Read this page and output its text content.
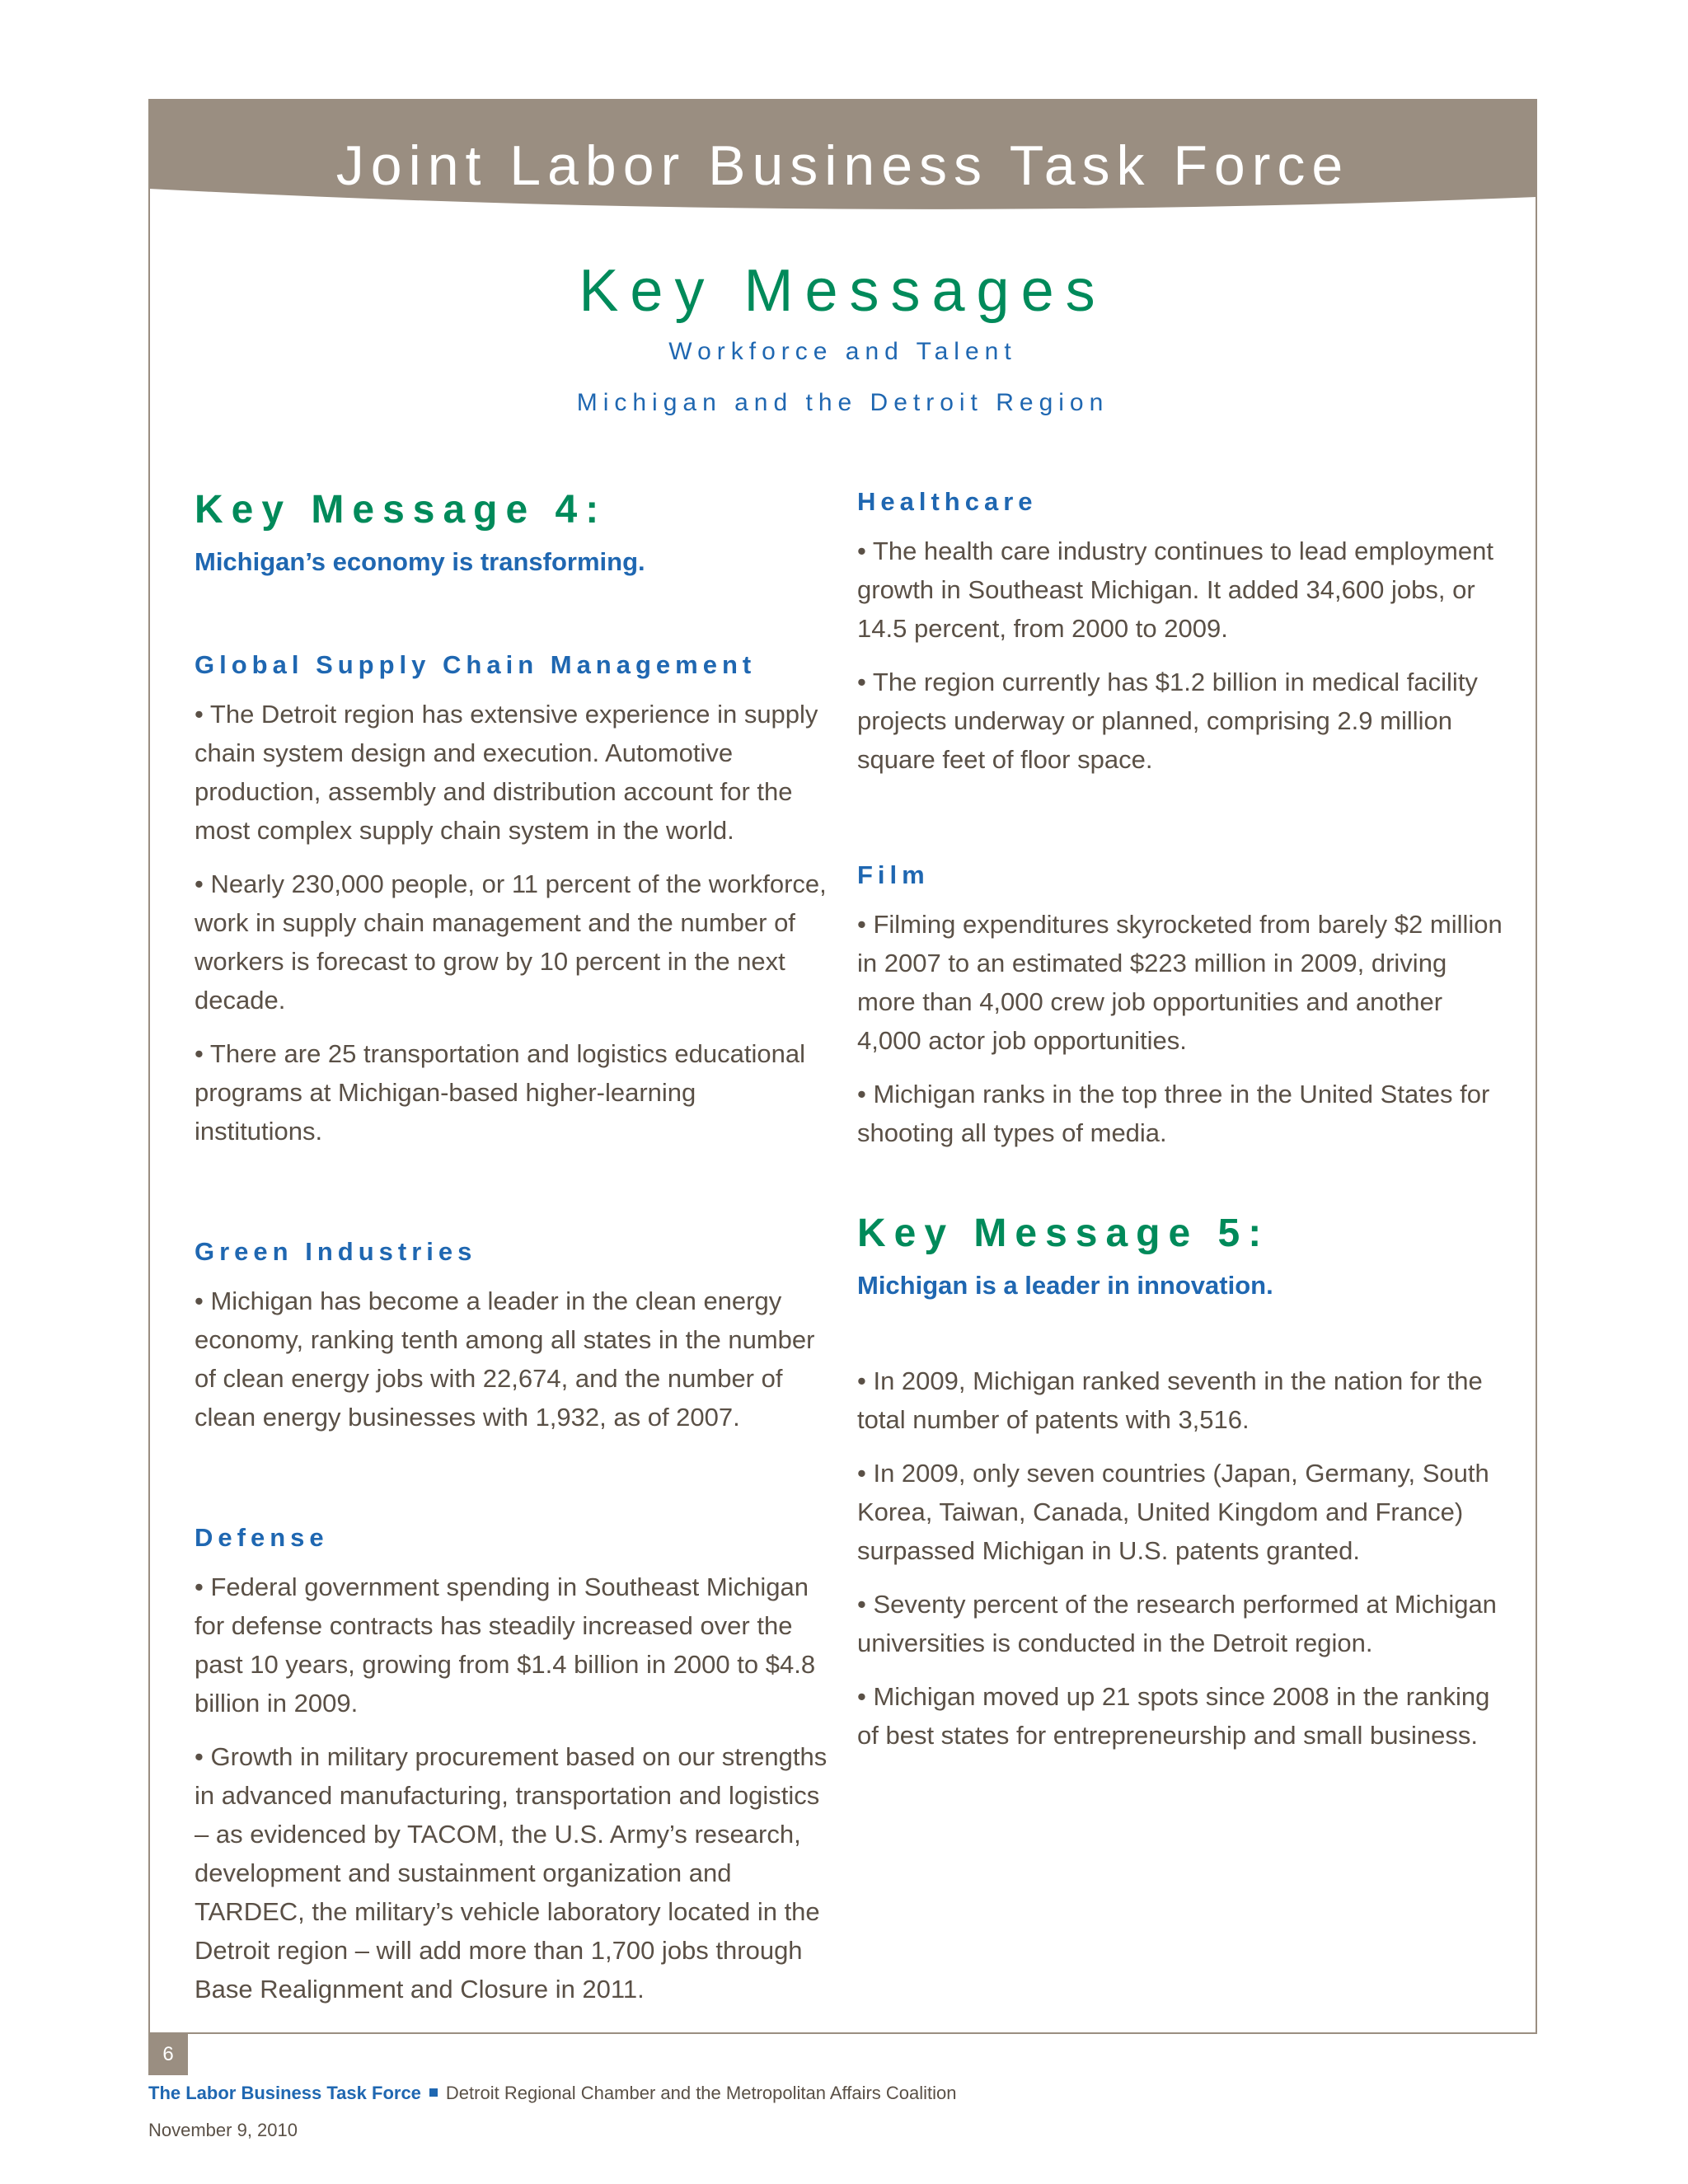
Joint Labor Business Task Force
Key Messages
Workforce and Talent
Michigan and the Detroit Region
Key Message 4:

Michigan’s economy is transforming.

Global Supply Chain Management

• The Detroit region has extensive experience in supply chain system design and execution. Automotive production, assembly and distribution account for the most complex supply chain system in the world.

• Nearly 230,000 people, or 11 percent of the workforce, work in supply chain management and the number of workers is forecast to grow by 10 percent in the next decade.

• There are 25 transportation and logistics educational programs at Michigan-based higher-learning institutions.

Green Industries

• Michigan has become a leader in the clean energy economy, ranking tenth among all states in the number of clean energy jobs with 22,674, and the number of clean energy businesses with 1,932, as of 2007.

Defense

• Federal government spending in Southeast Michigan for defense contracts has steadily increased over the past 10 years, growing from $1.4 billion in 2000 to $4.8 billion in 2009.

• Growth in military procurement based on our strengths in advanced manufacturing, transportation and logistics – as evidenced by TACOM, the U.S. Army’s research, development and sustainment organization and TARDEC, the military’s vehicle laboratory located in the Detroit region – will add more than 1,700 jobs through Base Realignment and Closure in 2011.

Healthcare

• The health care industry continues to lead employment growth in Southeast Michigan. It added 34,600 jobs, or 14.5 percent, from 2000 to 2009.

• The region currently has $1.2 billion in medical facility projects underway or planned, comprising 2.9 million square feet of floor space.

Film

• Filming expenditures skyrocketed from barely $2 million in 2007 to an estimated $223 million in 2009, driving more than 4,000 crew job opportunities and another 4,000 actor job opportunities.

• Michigan ranks in the top three in the United States for shooting all types of media.

Key Message 5:

Michigan is a leader in innovation.

• In 2009, Michigan ranked seventh in the nation for the total number of patents with 3,516.

• In 2009, only seven countries (Japan, Germany, South Korea, Taiwan, Canada, United Kingdom and France) surpassed Michigan in U.S. patents granted.

• Seventy percent of the research performed at Michigan universities is conducted in the Detroit region.

• Michigan moved up 21 spots since 2008 in the ranking of best states for entrepreneurship and small business.

6
The Labor Business Task Force Detroit Regional Chamber and the Metropolitan Affairs Coalition
November 9, 2010
